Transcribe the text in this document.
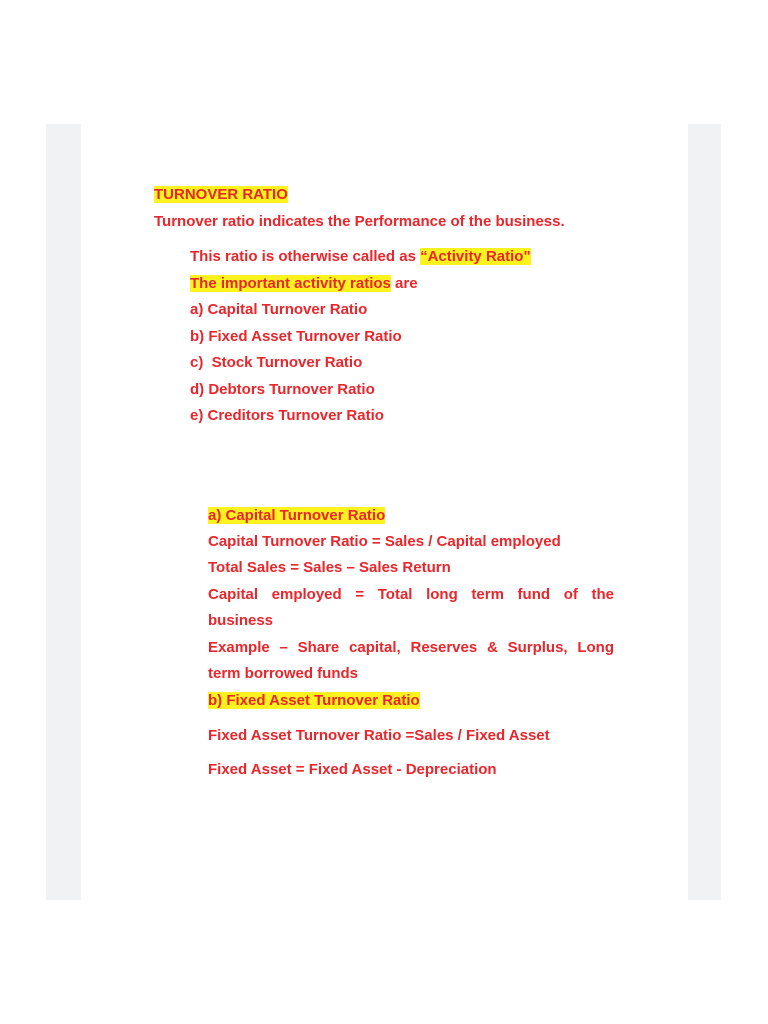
TURNOVER RATIO

Turnover ratio indicates the Performance of the business.

This ratio is otherwise called as “Activity Ratio"

The important activity ratios are

a) Capital Turnover Ratio

b) Fixed Asset Turnover Ratio

c)  Stock Turnover Ratio

d) Debtors Turnover Ratio

e) Creditors Turnover Ratio

a) Capital Turnover Ratio

Capital Turnover Ratio = Sales / Capital employed

Total Sales = Sales – Sales Return

Capital employed = Total long term fund of the

business

Example – Share capital, Reserves & Surplus, Long

term borrowed funds

b) Fixed Asset Turnover Ratio

Fixed Asset Turnover Ratio =Sales / Fixed Asset

Fixed Asset = Fixed Asset - Depreciation
